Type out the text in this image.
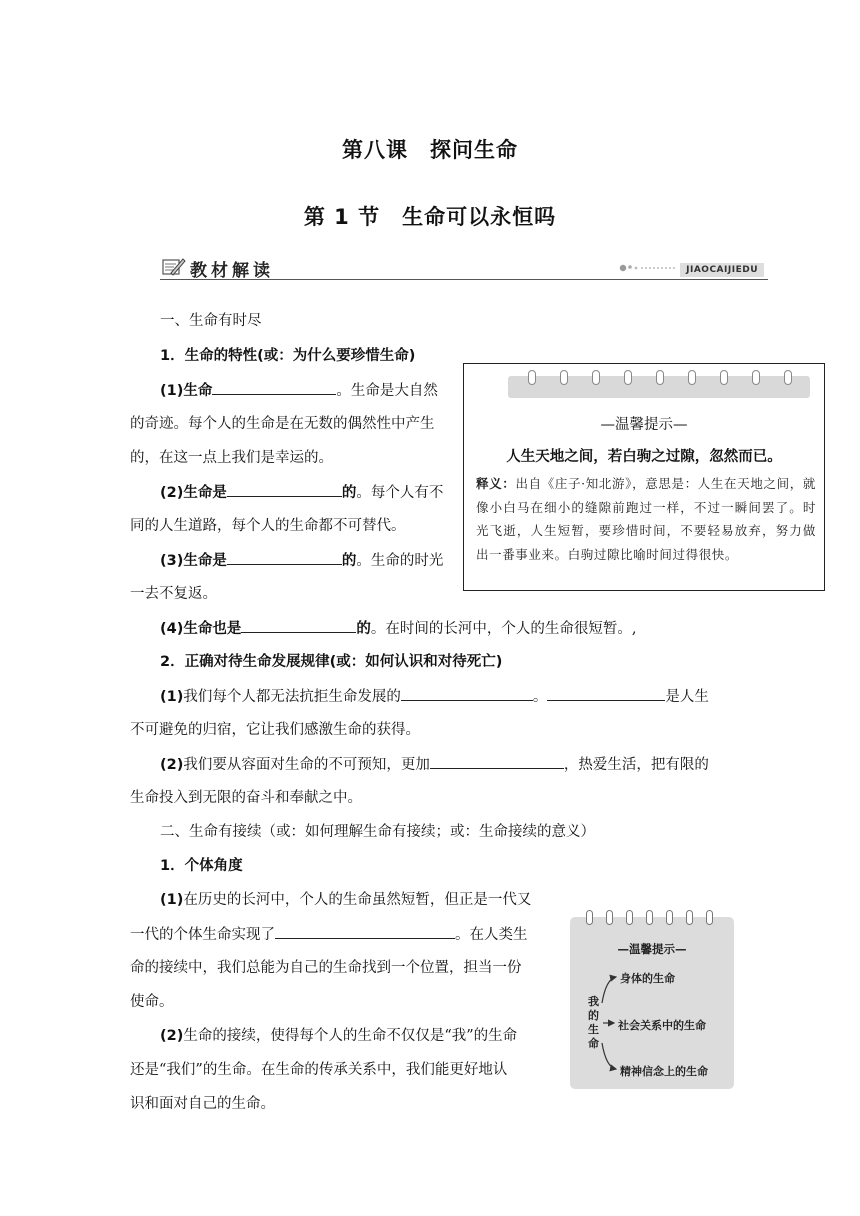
第八课　探问生命
第 1 节　生命可以永恒吗
教材解读	JIAOCAIJIEDU
一、生命有时尽
1．生命的特性(或：为什么要珍惜生命)
(1)生命	。生命是大自然
的奇迹。每个人的生命是在无数的偶然性中产生
的，在这一点上我们是幸运的。
(2)生命是	的。每个人有不
同的人生道路，每个人的生命都不可替代。
(3)生命是	的。生命的时光
一去不复返。
(4)生命也是	的。在时间的长河中，个人的生命很短暂。,
2．正确对待生命发展规律(或：如何认识和对待死亡)
(1)我们每个人都无法抗拒生命发展的	。	是人生
不可避免的归宿，它让我们感激生命的获得。
(2)我们要从容面对生命的不可预知，更加	，热爱生活，把有限的
生命投入到无限的奋斗和奉献之中。
二、生命有接续（或：如何理解生命有接续；或：生命接续的意义）
1．个体角度
(1)在历史的长河中，个人的生命虽然短暂，但正是一代又
一代的个体生命实现了	。在人类生
命的接续中，我们总能为自己的生命找到一个位置，担当一份
使命。
(2)生命的接续，使得每个人的生命不仅仅是“我”的生命
还是“我们”的生命。在生命的传承关系中，我们能更好地认
识和面对自己的生命。
—温馨提示—
人生天地之间，若白驹之过隙，忽然而已。
释义：出自《庄子·知北游》，意思是：人生在天地之间，就像小白马在细小的缝隙前跑过一样，不过一瞬间罢了。时光飞逝，人生短暂，要珍惜时间，不要轻易放弃，努力做出一番事业来。白驹过隙比喻时间过得很快。
—温馨提示—
我的生命
身体的生命
社会关系中的生命
精神信念上的生命
